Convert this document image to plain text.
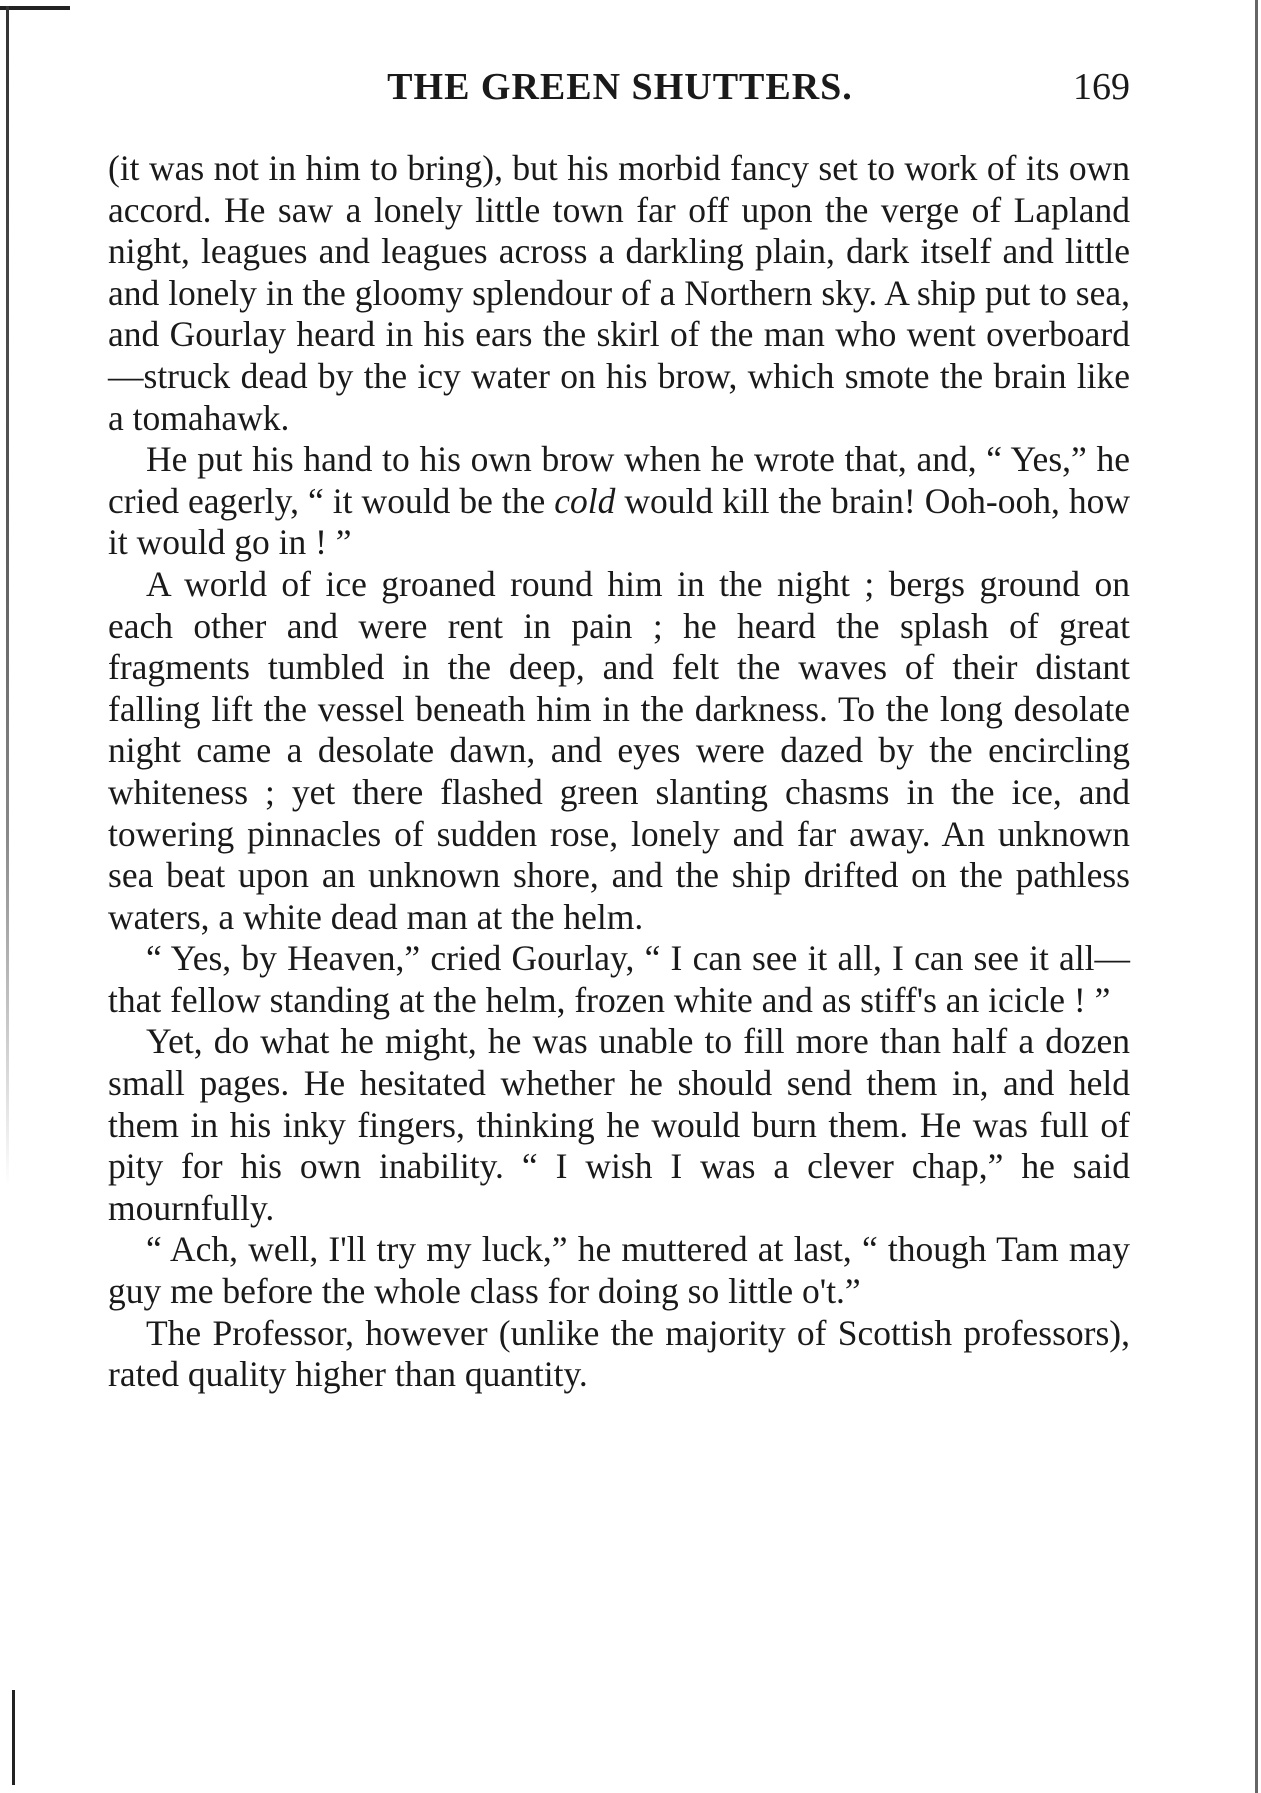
THE GREEN SHUTTERS.	169

(it was not in him to bring), but his morbid fancy set to work of its own accord. He saw a lonely little town far off upon the verge of Lapland night, leagues and leagues across a darkling plain, dark itself and little and lonely in the gloomy splendour of a Northern sky. A ship put to sea, and Gourlay heard in his ears the skirl of the man who went overboard—struck dead by the icy water on his brow, which smote the brain like a tomahawk.

He put his hand to his own brow when he wrote that, and, “ Yes,” he cried eagerly, “ it would be the cold would kill the brain! Ooh-ooh, how it would go in ! ”

A world of ice groaned round him in the night ; bergs ground on each other and were rent in pain ; he heard the splash of great fragments tumbled in the deep, and felt the waves of their distant falling lift the vessel beneath him in the darkness. To the long desolate night came a desolate dawn, and eyes were dazed by the encircling whiteness ; yet there flashed green slanting chasms in the ice, and towering pinnacles of sudden rose, lonely and far away. An unknown sea beat upon an unknown shore, and the ship drifted on the pathless waters, a white dead man at the helm.

“ Yes, by Heaven,” cried Gourlay, “ I can see it all, I can see it all—that fellow standing at the helm, frozen white and as stiff's an icicle ! ”

Yet, do what he might, he was unable to fill more than half a dozen small pages. He hesitated whether he should send them in, and held them in his inky fingers, thinking he would burn them. He was full of pity for his own inability. “ I wish I was a clever chap,” he said mournfully.

“ Ach, well, I'll try my luck,” he muttered at last, “ though Tam may guy me before the whole class for doing so little o't.”

The Professor, however (unlike the majority of Scottish professors), rated quality higher than quantity.
